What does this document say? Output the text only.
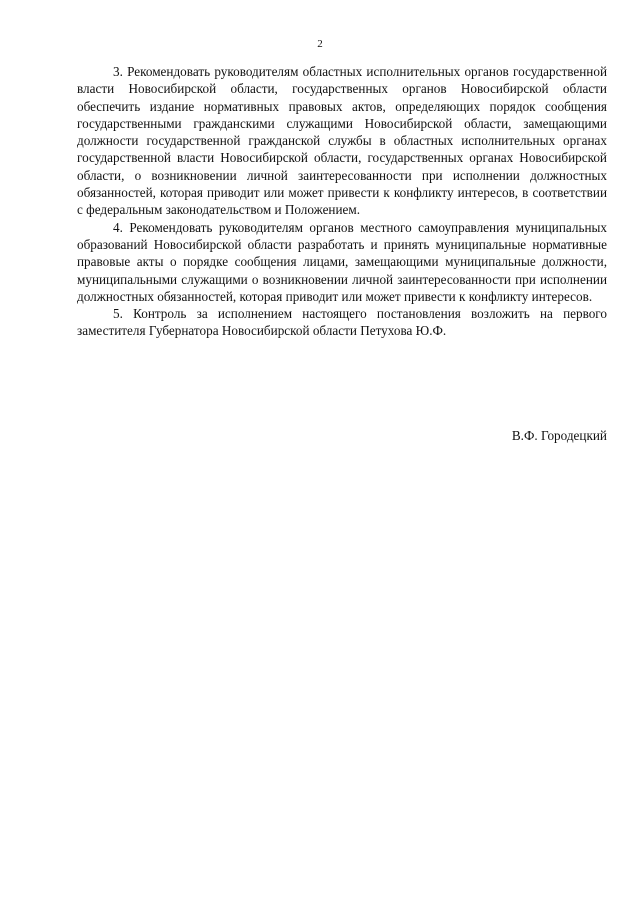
2

3. Рекомендовать руководителям областных исполнительных органов государственной власти Новосибирской области, государственных органов Новосибирской области обеспечить издание нормативных правовых актов, определяющих порядок сообщения государственными гражданскими служащими Новосибирской области, замещающими должности государственной гражданской службы в областных исполнительных органах государственной власти Новосибирской области, государственных органах Новосибирской области, о возникновении личной заинтересованности при исполнении должностных обязанностей, которая приводит или может привести к конфликту интересов, в соответствии с федеральным законодательством и Положением.

4. Рекомендовать руководителям органов местного самоуправления муниципальных образований Новосибирской области разработать и принять муниципальные нормативные правовые акты о порядке сообщения лицами, замещающими муниципальные должности, муниципальными служащими о возникновении личной заинтересованности при исполнении должностных обязанностей, которая приводит или может привести к конфликту интересов.

5. Контроль за исполнением настоящего постановления возложить на первого заместителя Губернатора Новосибирской области Петухова Ю.Ф.

В.Ф. Городецкий
